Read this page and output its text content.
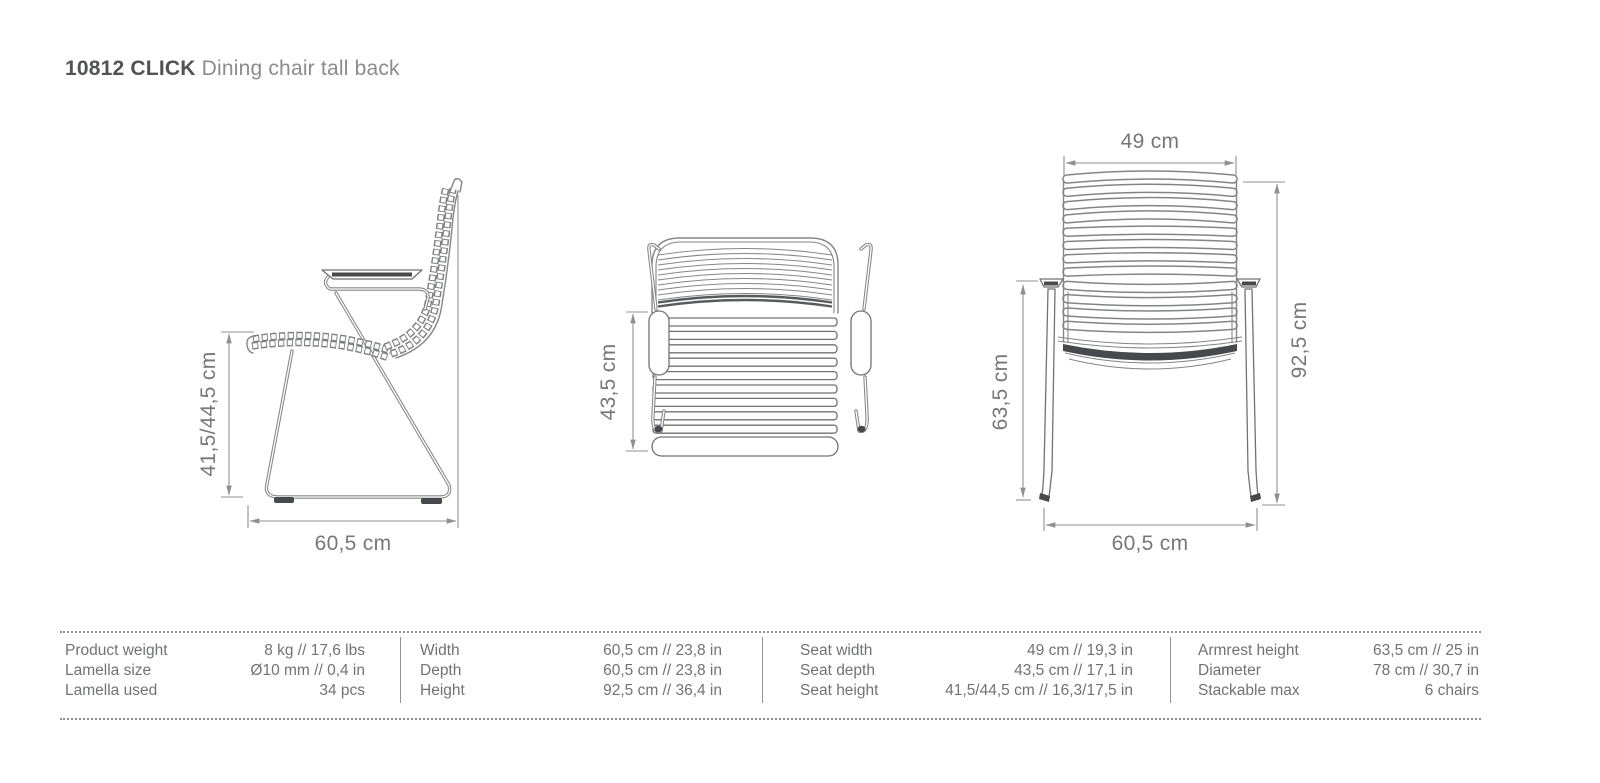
10812 CLICK Dining chair tall back
41,5/44,5 cm
60,5 cm
43,5 cm
49 cm
92,5 cm
63,5 cm
60,5 cm
Product weight	8 kg // 17,6 lbs
Lamella size	Ø10 mm // 0,4 in
Lamella used	34 pcs
Width	60,5 cm // 23,8 in
Depth	60,5 cm // 23,8 in
Height	92,5 cm // 36,4 in
Seat width	49 cm // 19,3 in
Seat depth	43,5 cm // 17,1 in
Seat height	41,5/44,5 cm // 16,3/17,5 in
Armrest height	63,5 cm // 25 in
Diameter	78 cm // 30,7 in
Stackable max	6 chairs
